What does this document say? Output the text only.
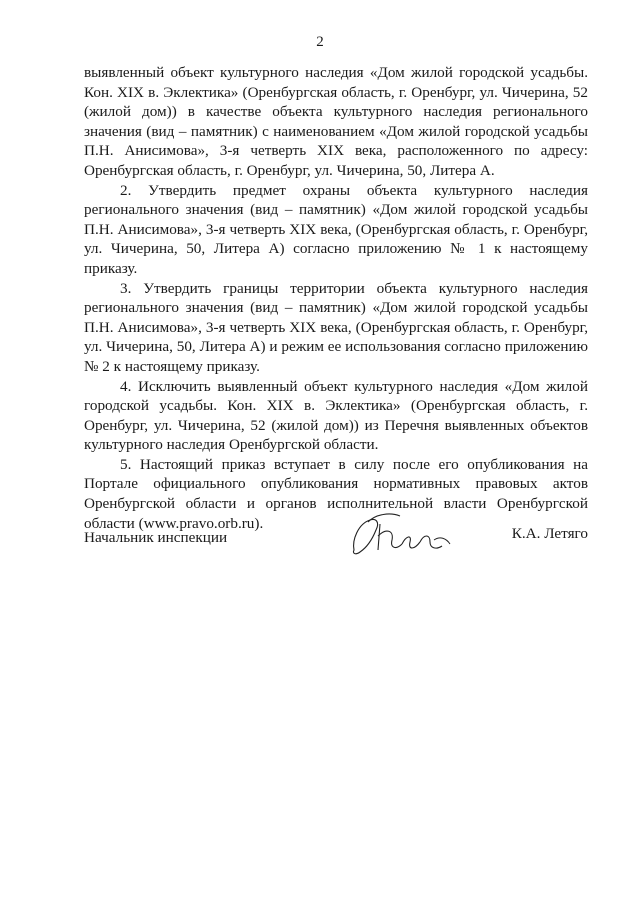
2

выявленный объект культурного наследия «Дом жилой городской усадьбы. Кон. XIX в. Эклектика» (Оренбургская область, г. Оренбург, ул. Чичерина, 52 (жилой дом)) в качестве объекта культурного наследия регионального значения (вид – памятник) с наименованием «Дом жилой городской усадьбы П.Н. Анисимова», 3-я четверть XIX века, расположенного по адресу: Оренбургская область, г. Оренбург, ул. Чичерина, 50, Литера А.

2. Утвердить предмет охраны объекта культурного наследия регионального значения (вид – памятник) «Дом жилой городской усадьбы П.Н. Анисимова», 3-я четверть XIX века, (Оренбургская область, г. Оренбург, ул. Чичерина, 50, Литера А) согласно приложению № 1 к настоящему приказу.

3. Утвердить границы территории объекта культурного наследия регионального значения (вид – памятник) «Дом жилой городской усадьбы П.Н. Анисимова», 3-я четверть XIX века, (Оренбургская область, г. Оренбург, ул. Чичерина, 50, Литера А) и режим ее использования согласно приложению № 2 к настоящему приказу.

4. Исключить выявленный объект культурного наследия «Дом жилой городской усадьбы. Кон. XIX в. Эклектика» (Оренбургская область, г. Оренбург, ул. Чичерина, 52 (жилой дом)) из Перечня выявленных объектов культурного наследия Оренбургской области.

5. Настоящий приказ вступает в силу после его опубликования на Портале официального опубликования нормативных правовых актов Оренбургской области и органов исполнительной власти Оренбургской области (www.pravo.orb.ru).

Начальник инспекции	К.А. Летяго
